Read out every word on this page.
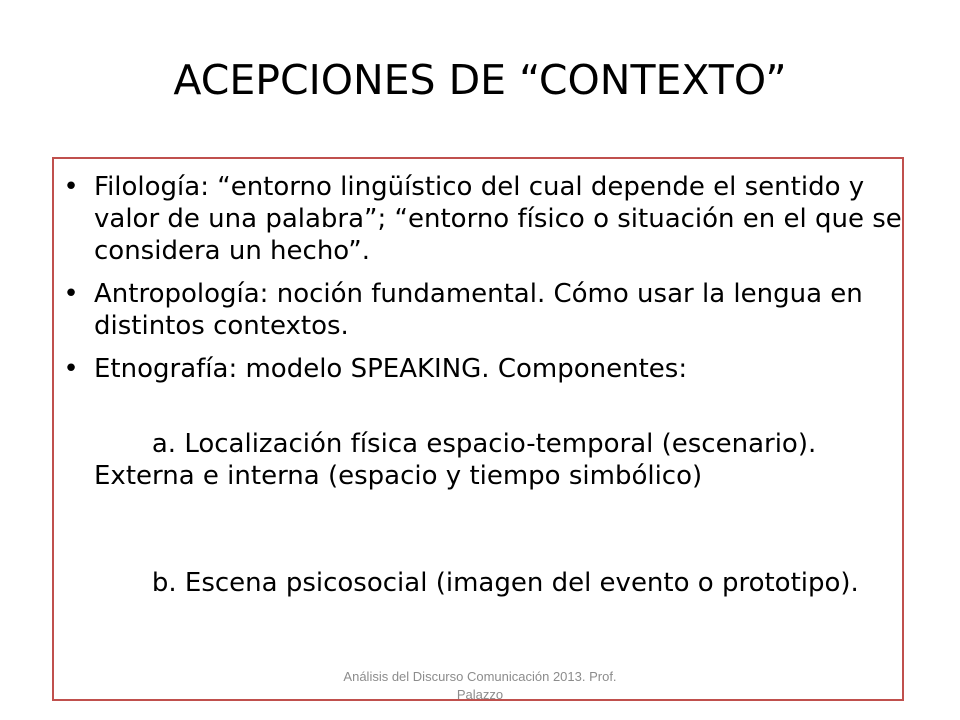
ACEPCIONES DE “CONTEXTO”
• Filología: “entorno lingüístico del cual depende el sentido y valor de una palabra”; “entorno físico o situación en el que se considera un hecho”.
• Antropología: noción fundamental. Cómo usar la lengua en distintos contextos.
• Etnografía: modelo SPEAKING. Componentes:

a. Localización física espacio-temporal (escenario). Externa e interna (espacio y tiempo simbólico)

b. Escena psicosocial (imagen del evento o prototipo).

Análisis del Discurso Comunicación 2013. Prof. Palazzo
